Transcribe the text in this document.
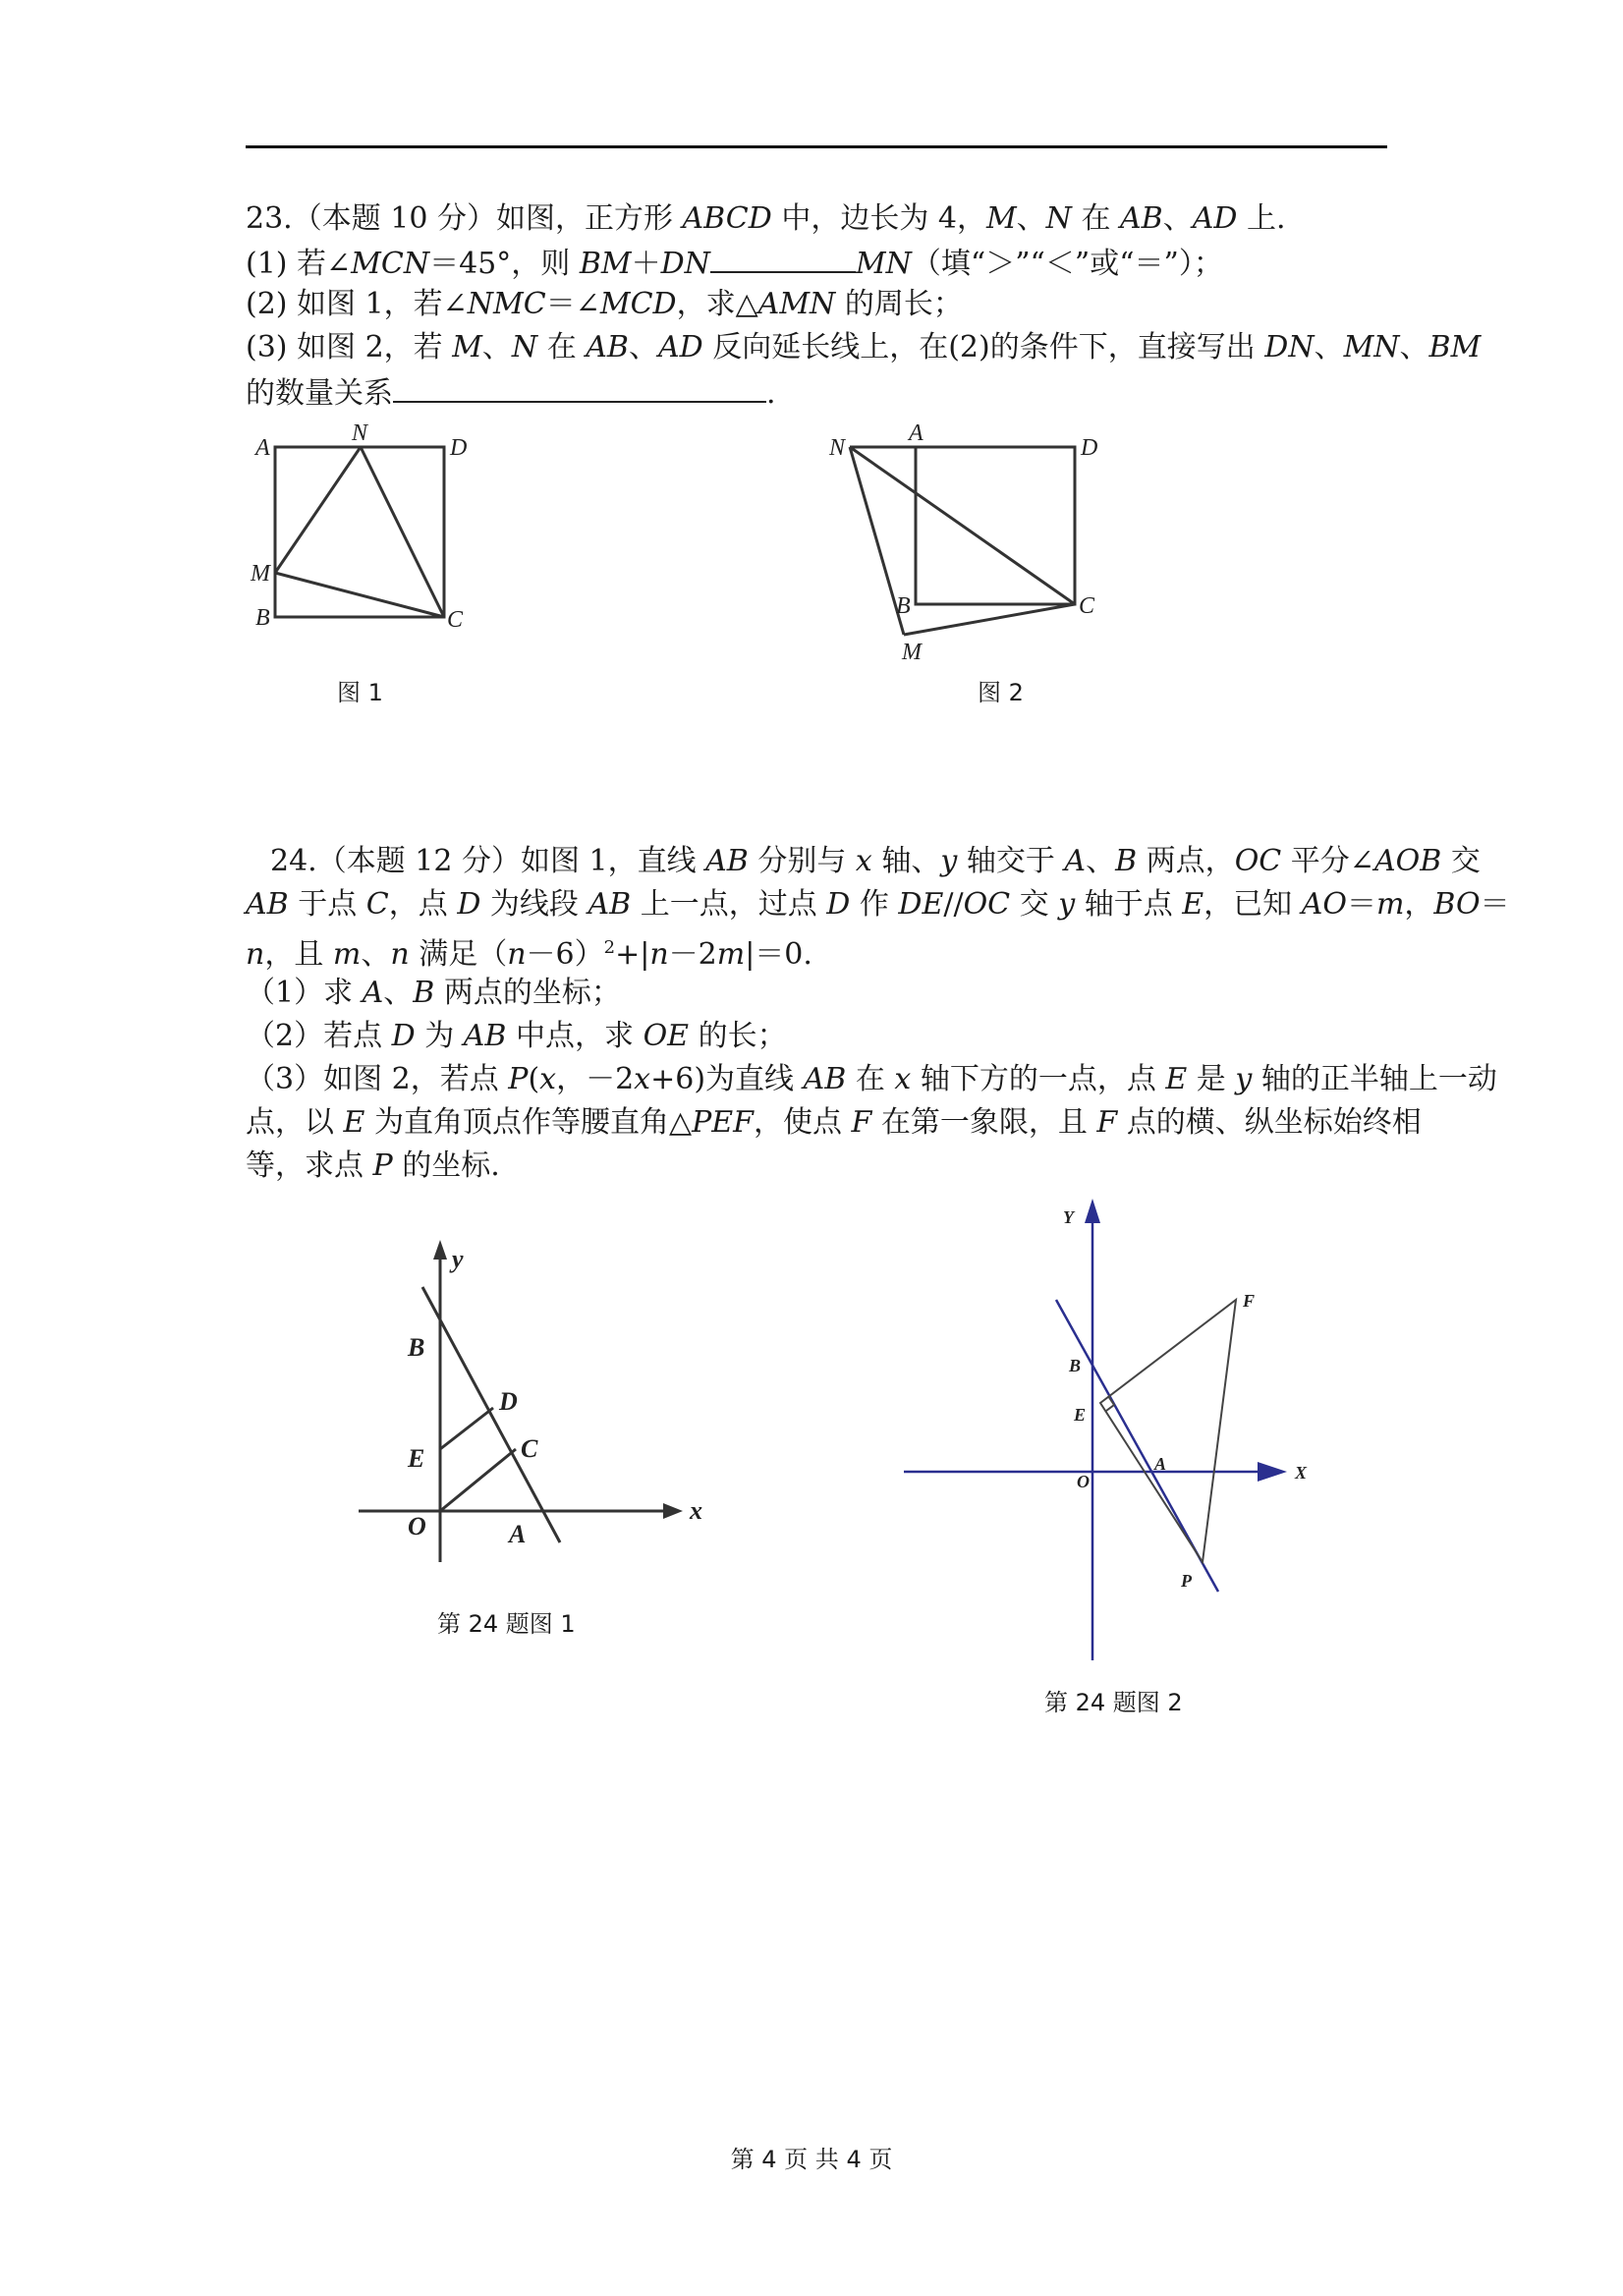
23.（本题 10 分）如图，正方形 ABCD 中，边长为 4，M、N 在 AB、AD 上.
(1) 若∠MCN＝45°，则 BM＋DN	MN（填“＞”“＜”或“＝”）；
(2) 如图 1，若∠NMC＝∠MCD，求△AMN 的周长；
(3) 如图 2，若 M、N 在 AB、AD 反向延长线上，在(2)的条件下，直接写出 DN、MN、BM
的数量关系	.
A
N
D
M
B	C
图 1
N
A
D
B	C
M
图 2
24.（本题 12 分）如图 1，直线 AB 分别与 x 轴、y 轴交于 A、B 两点，OC 平分∠AOB 交
AB 于点 C，点 D 为线段 AB 上一点，过点 D 作 DE//OC 交 y 轴于点 E，已知 AO＝m，BO＝
n，且 m、n 满足$(n-6)^2+|n-2m|=0$.
（1）求 A、B 两点的坐标；
（2）若点 D 为 AB 中点，求 OE 的长；
（3）如图 2，若点 P(x，－2x+6)为直线 AB 在 x 轴下方的一点，点 E 是 y 轴的正半轴上一动
点，以 E 为直角顶点作等腰直角△PEF，使点 F 在第一象限，且 F 点的横、纵坐标始终相
等，求点 P 的坐标.
y
x
B
D
E	C
O	A
第 24 题图 1
Y
X
F
B
E
A
O
P
第 24 题图 2
第 4 页 共 4 页
